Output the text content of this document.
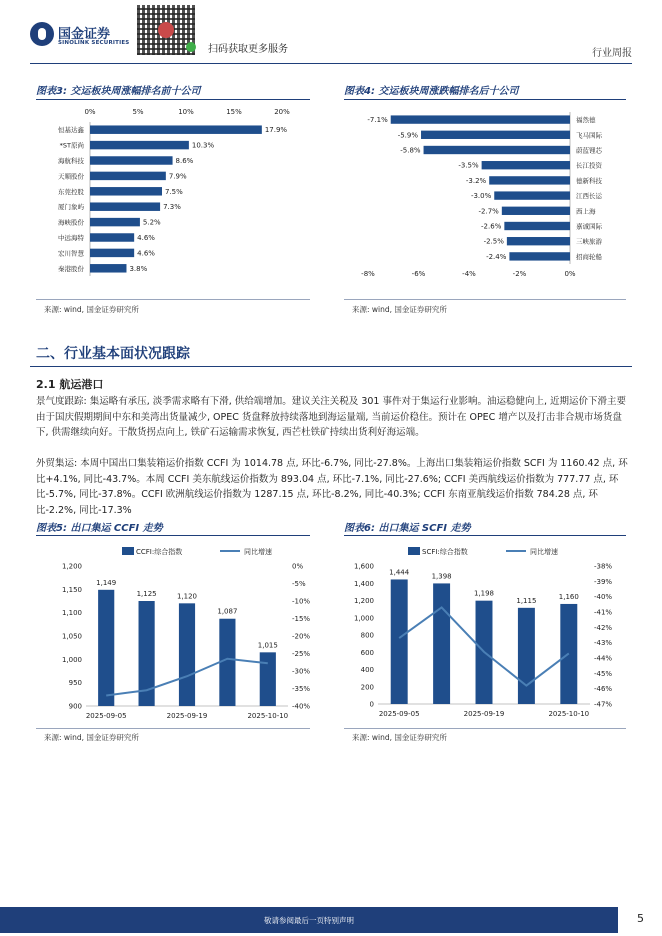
国金证券
SINOLINK SECURITIES
扫码获取更多服务	行业周报
图表3: 交运板块周涨幅排名前十公司
0%	5%	10%	15%	20%
17.9%
恒基达鑫
10.3%
*ST原尚
8.6%
海航科技
7.9%
天顺股份
7.5%
东莞控股
7.3%
厦门象屿
5.2%
海峡股份
4.6%
中远海特
4.6%
宏川智慧
3.8%
秦港股份
来源: wind, 国金证券研究所
图表4: 交运板块周涨跌幅排名后十公司
-8%	-6%	-4%	-2%	0%
-7.1%	福然德
-5.9%	飞马国际
-5.8%	蔚蓝锂芯
-3.5%	长江投资
-3.2%	德新科技
-3.0%	江西长运
-2.7%	西上海
-2.6%	嘉诚国际
-2.5%	三峡旅游
-2.4%	招商轮船
来源: wind, 国金证券研究所
二、行业基本面状况跟踪
2.1 航运港口

景气度跟踪: 集运略有承压, 淡季需求略有下滑, 供给端增加。建议关注关税及 301 事件对于集运行业影响。油运稳健向上, 近期运价下滑主要由于国庆假期期间中东和美湾出货量减少, OPEC 货盘释放持续落地到海运量端, 当前运价稳住。预计在 OPEC 增产以及打击非合规市场货盘下, 供需继续向好。干散货拐点向上, 铁矿石运输需求恢复, 西芒杜铁矿持续出货利好海运端。

外贸集运: 本周中国出口集装箱运价指数 CCFI 为 1014.78 点, 环比-6.7%, 同比-27.8%。上海出口集装箱运价指数 SCFI 为 1160.42 点, 环比+4.1%, 同比-43.7%。本周 CCFI 美东航线运价指数为 893.04 点, 环比-7.1%, 同比-27.6%; CCFI 美西航线运价指数为 777.77 点, 环比-5.7%, 同比-37.8%。CCFI 欧洲航线运价指数为 1287.15 点, 环比-8.2%, 同比-40.3%; CCFI 东南亚航线运价指数 784.28 点, 环比-2.2%, 同比-17.3%

图表5: 出口集运 CCFI 走势
CCFI:综合指数	同比增速
900
950
1,000
1,050
1,100
1,150
1,200	0%
-5%
-10%
-15%
-20%
-25%
-30%
-35%
-40%
1,149
1,125	1,120
1,087
1,015
2025-09-05	2025-09-19	2025-10-10
来源: wind, 国金证券研究所
图表6: 出口集运 SCFI 走势
SCFI:综合指数	同比增速
0
200
400
600
800
1,000
1,200
1,400
1,600	-38%
-39%
-40%
-41%
-42%
-43%
-44%
-45%
-46%
-47%
1,444	1,398
1,198
1,115	1,160
2025-09-05	2025-09-19	2025-10-10
来源: wind, 国金证券研究所
敬请参阅最后一页特别声明	5
